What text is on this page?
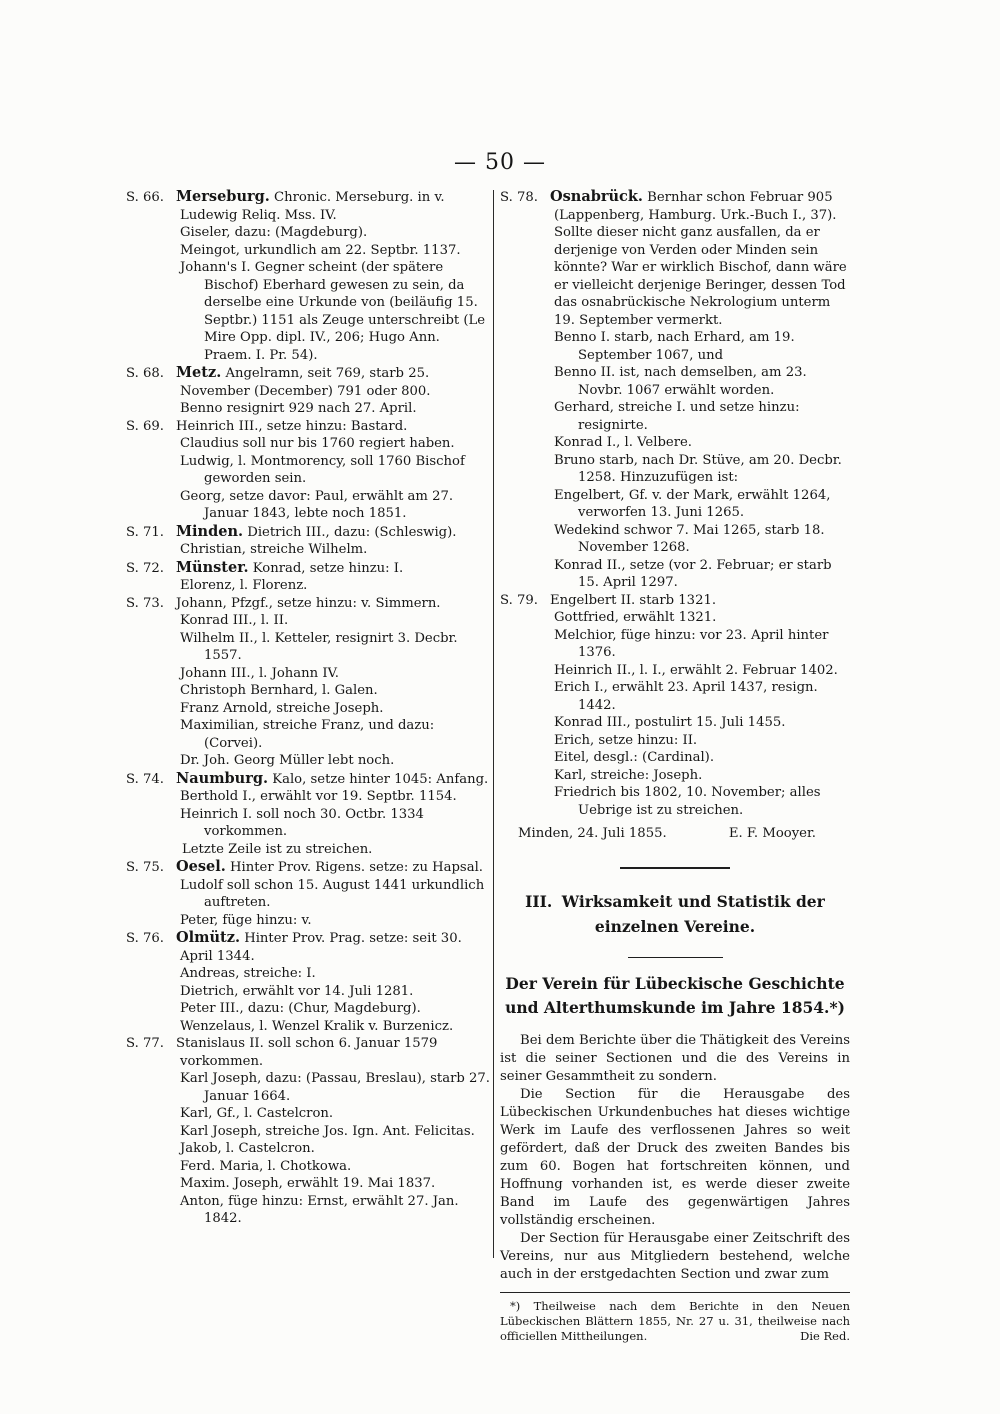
— 50 —
S. 66. Merseburg. Chronic. Merseburg. in v. Ludewig Reliq. Mss. IV.
Giseler, dazu: (Magdeburg).
Meingot, urkundlich am 22. Septbr. 1137.
Johann's I. Gegner scheint (der spätere Bischof) Eberhard gewesen zu sein, da derselbe eine Urkunde von (beiläufig 15. Septbr.) 1151 als Zeuge unterschreibt (Le Mire Opp. dipl. IV., 206; Hugo Ann. Praem. I. Pr. 54).
S. 68. Metz. Angelramn, seit 769, starb 25. November (December) 791 oder 800.
Benno resignirt 929 nach 27. April.
S. 69. Heinrich III., setze hinzu: Bastard.
Claudius soll nur bis 1760 regiert haben.
Ludwig, l. Montmorency, soll 1760 Bischof geworden sein.
Georg, setze davor: Paul, erwählt am 27. Januar 1843, lebte noch 1851.
S. 71. Minden. Dietrich III., dazu: (Schleswig).
Christian, streiche Wilhelm.
S. 72. Münster. Konrad, setze hinzu: I.
Elorenz, l. Florenz.
S. 73. Johann, Pfzgf., setze hinzu: v. Simmern.
Konrad III., l. II.
Wilhelm II., l. Ketteler, resignirt 3. Decbr. 1557.
Johann III., l. Johann IV.
Christoph Bernhard, l. Galen.
Franz Arnold, streiche Joseph.
Maximilian, streiche Franz, und dazu: (Corvei).
Dr. Joh. Georg Müller lebt noch.
S. 74. Naumburg. Kalo, setze hinter 1045: Anfang.
Berthold I., erwählt vor 19. Septbr. 1154.
Heinrich I. soll noch 30. Octbr. 1334 vorkommen.
Letzte Zeile ist zu streichen.
S. 75. Oesel. Hinter Prov. Rigens. setze: zu Hapsal.
Ludolf soll schon 15. August 1441 urkundlich auftreten.
Peter, füge hinzu: v.
S. 76. Olmütz. Hinter Prov. Prag. setze: seit 30. April 1344.
Andreas, streiche: I.
Dietrich, erwählt vor 14. Juli 1281.
Peter III., dazu: (Chur, Magdeburg).
Wenzelaus, l. Wenzel Kralik v. Burzenicz.
S. 77. Stanislaus II. soll schon 6. Januar 1579 vorkommen.
Karl Joseph, dazu: (Passau, Breslau), starb 27. Januar 1664.
Karl, Gf., l. Castelcron.
Karl Joseph, streiche Jos. Ign. Ant. Felicitas.
Jakob, l. Castelcron.
Ferd. Maria, l. Chotkowa.
Maxim. Joseph, erwählt 19. Mai 1837.
Anton, füge hinzu: Ernst, erwählt 27. Jan. 1842.
S. 78. Osnabrück. Bernhar schon Februar 905 (Lappenberg, Hamburg. Urk.-Buch I., 37). Sollte dieser nicht ganz ausfallen, da er derjenige von Verden oder Minden sein könnte? War er wirklich Bischof, dann wäre er vielleicht derjenige Beringer, dessen Tod das osnabrückische Nekrologium unterm 19. September vermerkt.
Benno I. starb, nach Erhard, am 19. September 1067, und
Benno II. ist, nach demselben, am 23. Novbr. 1067 erwählt worden.
Gerhard, streiche I. und setze hinzu: resignirte.
Konrad I., l. Velbere.
Bruno starb, nach Dr. Stüve, am 20. Decbr. 1258. Hinzuzufügen ist:
Engelbert, Gf. v. der Mark, erwählt 1264, verworfen 13. Juni 1265.
Wedekind schwor 7. Mai 1265, starb 18. November 1268.
Konrad II., setze (vor 2. Februar; er starb 15. April 1297.
S. 79. Engelbert II. starb 1321.
Gottfried, erwählt 1321.
Melchior, füge hinzu: vor 23. April hinter 1376.
Heinrich II., l. I., erwählt 2. Februar 1402.
Erich I., erwählt 23. April 1437, resign. 1442.
Konrad III., postulirt 15. Juli 1455.
Erich, setze hinzu: II.
Eitel, desgl.: (Cardinal).
Karl, streiche: Joseph.
Friedrich bis 1802, 10. November; alles Uebrige ist zu streichen.
Minden, 24. Juli 1855.	E. F. Mooyer.
III. Wirksamkeit und Statistik der einzelnen Vereine.
Der Verein für Lübeckische Geschichte und Alterthumskunde im Jahre 1854.*)

Bei dem Berichte über die Thätigkeit des Vereins ist die seiner Sectionen und die des Vereins in seiner Gesammtheit zu sondern.

Die Section für die Herausgabe des Lübeckischen Urkundenbuches hat dieses wichtige Werk im Laufe des verflossenen Jahres so weit gefördert, daß der Druck des zweiten Bandes bis zum 60. Bogen hat fortschreiten können, und Hoffnung vorhanden ist, es werde dieser zweite Band im Laufe des gegenwärtigen Jahres vollständig erscheinen.

Der Section für Herausgabe einer Zeitschrift des Vereins, nur aus Mitgliedern bestehend, welche auch in der erstgedachten Section und zwar zum

*) Theilweise nach dem Berichte in den Neuen Lübeckischen Blättern 1855, Nr. 27 u. 31, theilweise nach officiellen Mittheilungen.	Die Red.
